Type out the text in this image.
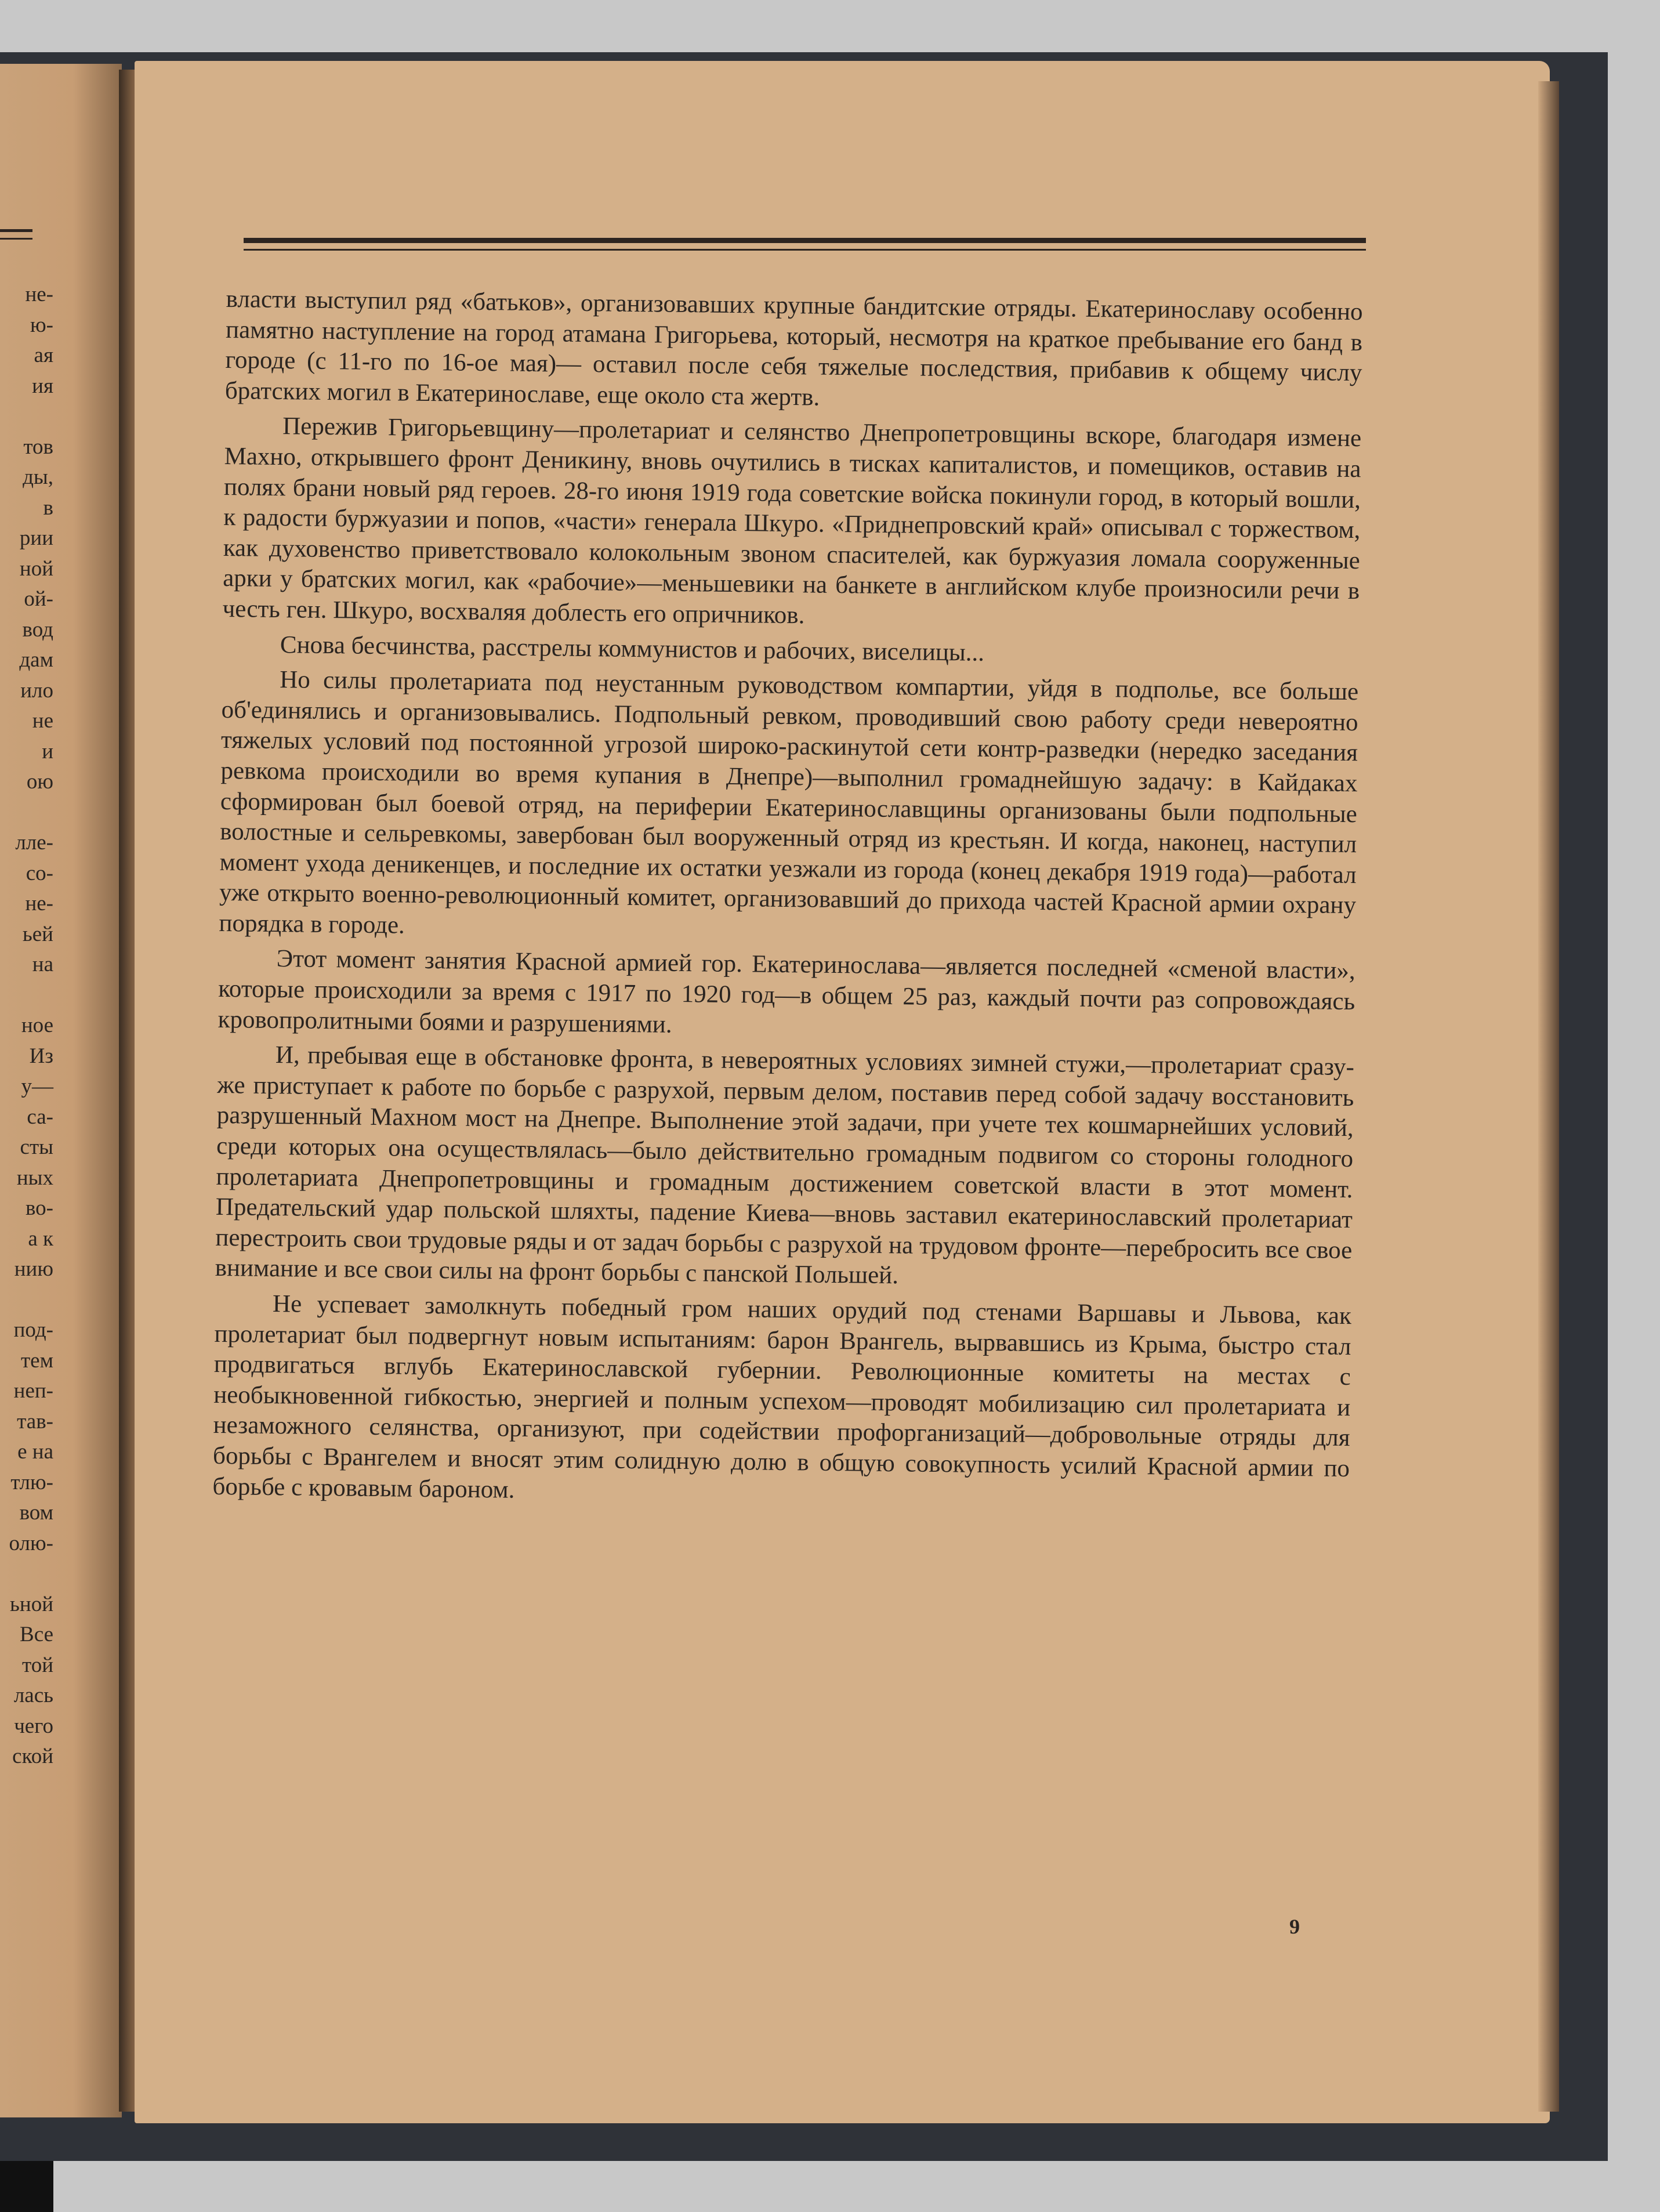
не-
ю-
ая
ия
тов
ды,
в
рии
ной
ой-
вод
дам
ило
не
и
ою
лле-
со-
не-
ьей
на
ное
Из
у—
са-
сты
ных
во-
а к
нию
под-
тем
неп-
тав-
е на
тлю-
вом
олю-
ьной
Все
той
лась
чего
ской

власти выступил ряд «батьков», организовавших крупные бандитские отряды. Екатеринославу особенно памятно наступление на город атамана Григорьева, который, несмотря на краткое пребывание его банд в городе (с 11-го по 16-ое мая)— оставил после себя тяжелые последствия, прибавив к общему числу братских могил в Екатеринославе, еще около ста жертв.

Пережив Григорьевщину—пролетариат и селянство Днепропетровщины вскоре, благодаря измене Махно, открывшего фронт Деникину, вновь очутились в тисках капиталистов, и помещиков, оставив на полях брани новый ряд героев. 28-го июня 1919 года советские войска покинули город, в который вошли, к радости буржуазии и попов, «части» генерала Шкуро. «Приднепровский край» описывал с торжеством, как духовенство приветствовало колокольным звоном спасителей, как буржуазия ломала сооруженные арки у братских могил, как «рабочие»—меньшевики на банкете в английском клубе произносили речи в честь ген. Шкуро, восхваляя доблесть его опричников.

Снова бесчинства, расстрелы коммунистов и рабочих, виселицы...

Но силы пролетариата под неустанным руководством компартии, уйдя в подполье, все больше об'единялись и организовывались. Подпольный ревком, проводивший свою работу среди невероятно тяжелых условий под постоянной угрозой широко-раскинутой сети контр-разведки (нередко заседания ревкома происходили во время купания в Днепре)—выполнил громаднейшую задачу: в Кайдаках сформирован был боевой отряд, на периферии Екатеринославщины организованы были подпольные волостные и сельревкомы, завербован был вооруженный отряд из крестьян. И когда, наконец, наступил момент ухода деникенцев, и последние их остатки уезжали из города (конец декабря 1919 года)—работал уже открыто военно-революционный комитет, организовавший до прихода частей Красной армии охрану порядка в городе.

Этот момент занятия Красной армией гор. Екатеринослава—является последней «сменой власти», которые происходили за время с 1917 по 1920 год—в общем 25 раз, каждый почти раз сопровождаясь кровопролитными боями и разрушениями.

И, пребывая еще в обстановке фронта, в невероятных условиях зимней стужи,—пролетариат сразу-же приступает к работе по борьбе с разрухой, первым делом, поставив перед собой задачу восстановить разрушенный Махном мост на Днепре. Выполнение этой задачи, при учете тех кошмарнейших условий, среди которых она осуществлялась—было действительно громадным подвигом со стороны голодного пролетариата Днепропетровщины и громадным достижением советской власти в этот момент. Предательский удар польской шляхты, падение Киева—вновь заставил екатеринославский пролетариат перестроить свои трудовые ряды и от задач борьбы с разрухой на трудовом фронте—перебросить все свое внимание и все свои силы на фронт борьбы с панской Польшей.

Не успевает замолкнуть победный гром наших орудий под стенами Варшавы и Львова, как пролетариат был подвергнут новым испытаниям: барон Врангель, вырвавшись из Крыма, быстро стал продвигаться вглубь Екатеринославской губернии. Революционные комитеты на местах с необыкновенной гибкостью, энергией и полным успехом—проводят мобилизацию сил пролетариата и незаможного селянства, организуют, при содействии профорганизаций—добровольные отряды для борьбы с Врангелем и вносят этим солидную долю в общую совокупность усилий Красной армии по борьбе с кровавым бароном.

9
